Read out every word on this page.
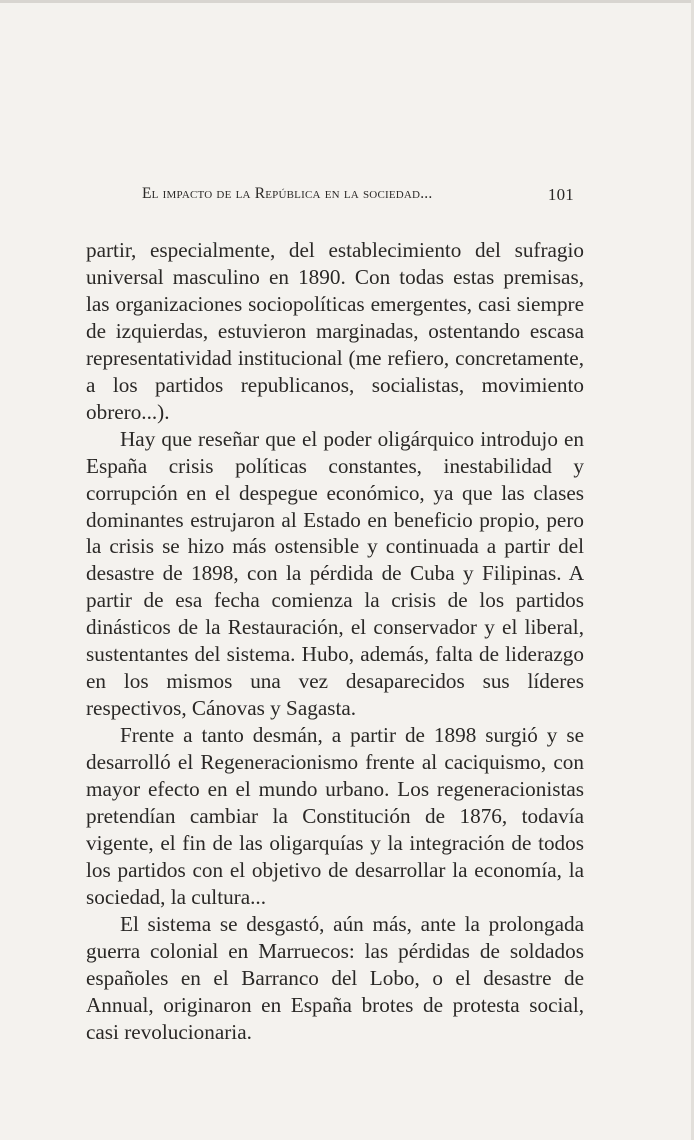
El impacto de la República en la sociedad...	101

partir, especialmente, del establecimiento del sufragio universal masculino en 1890. Con todas estas premisas, las organizaciones sociopolíticas emergentes, casi siempre de izquierdas, estuvieron marginadas, ostentando escasa representatividad institucional (me refiero, concretamente, a los partidos republicanos, socialistas, movimiento obrero...).

Hay que reseñar que el poder oligárquico introdujo en España crisis políticas constantes, inestabilidad y corrupción en el despegue económico, ya que las clases dominantes estrujaron al Estado en beneficio propio, pero la crisis se hizo más ostensible y continuada a partir del desastre de 1898, con la pérdida de Cuba y Filipinas. A partir de esa fecha comienza la crisis de los partidos dinásticos de la Restauración, el conservador y el liberal, sustentantes del sistema. Hubo, además, falta de liderazgo en los mismos una vez desaparecidos sus líderes respectivos, Cánovas y Sagasta.

Frente a tanto desmán, a partir de 1898 surgió y se desarrolló el Regeneracionismo frente al caciquismo, con mayor efecto en el mundo urbano. Los regeneracionistas pretendían cambiar la Constitución de 1876, todavía vigente, el fin de las oligarquías y la integración de todos los partidos con el objetivo de desarrollar la economía, la sociedad, la cultura...

El sistema se desgastó, aún más, ante la prolongada guerra colonial en Marruecos: las pérdidas de soldados españoles en el Barranco del Lobo, o el desastre de Annual, originaron en España brotes de protesta social, casi revolucionaria.
